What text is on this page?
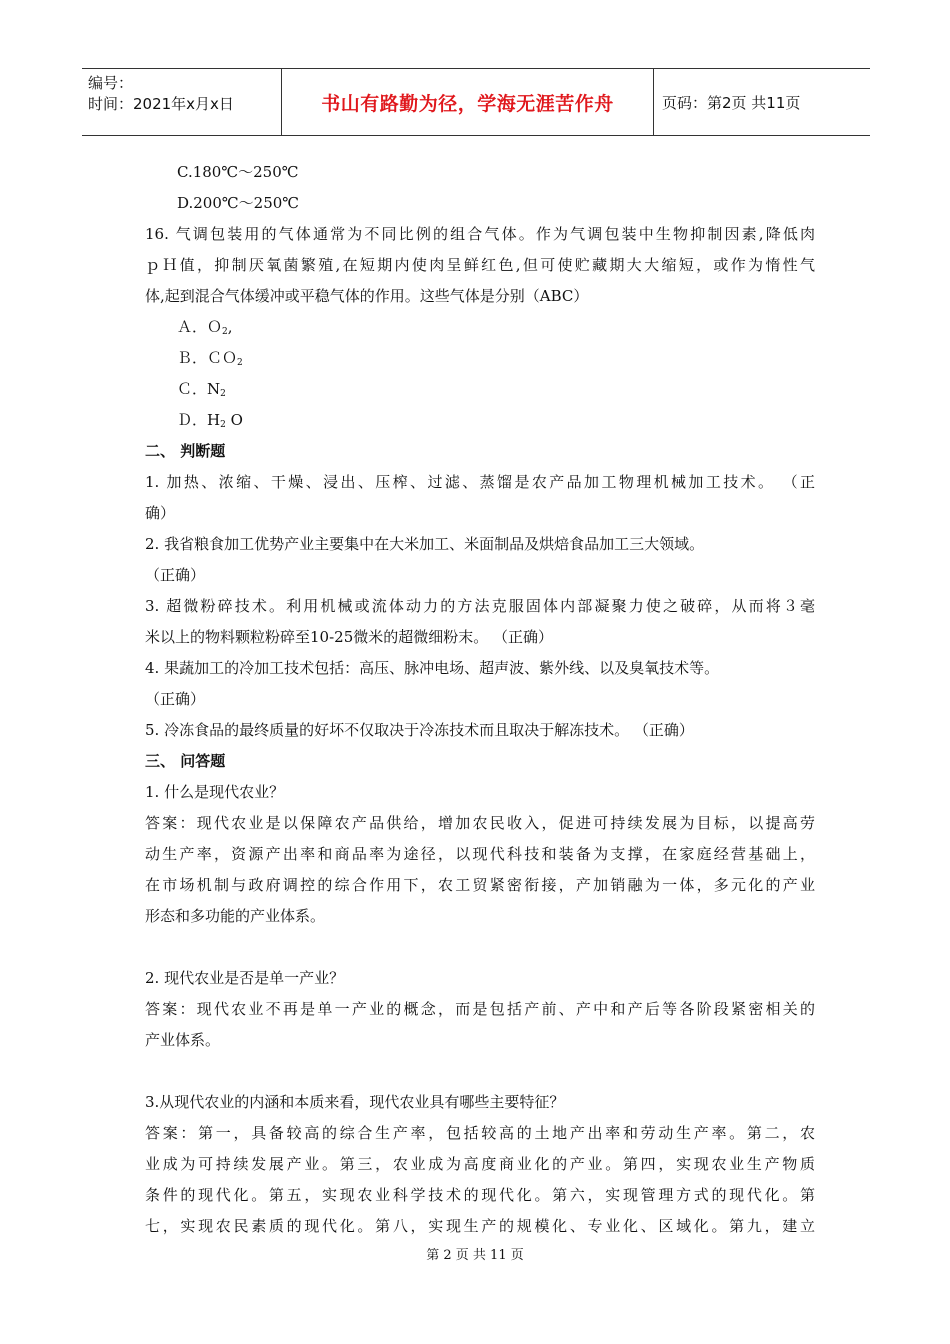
编号：
时间：2021年x月x日	书山有路勤为径，学海无涯苦作舟	页码：第2页 共11页
C.180℃～250℃
D.200℃～250℃
16. 气调包装用的气体通常为不同比例的组合气体。作为气调包装中生物抑制因素,降低肉
ｐＨ值，抑制厌氧菌繁殖,在短期内使肉呈鲜红色,但可使贮藏期大大缩短，或作为惰性气
体,起到混合气体缓冲或平稳气体的作用。这些气体是分别（ABC）
Ａ．Ｏ$_2$,
Ｂ．ＣＯ$_2$
Ｃ．$N_2$
Ｄ．$H_2$ O
二、 判断题
1. 加热、浓缩、干燥、浸出、压榨、过滤、蒸馏是农产品加工物理机械加工技术。 （正
确）
2. 我省粮食加工优势产业主要集中在大米加工、米面制品及烘焙食品加工三大领域。
（正确）
3. 超微粉碎技术。利用机械或流体动力的方法克服固体内部凝聚力使之破碎，从而将３毫
米以上的物料颗粒粉碎至10-25微米的超微细粉末。 （正确）
4. 果蔬加工的冷加工技术包括：高压、脉冲电场、超声波、紫外线、以及臭氧技术等。
（正确）
5. 冷冻食品的最终质量的好坏不仅取决于冷冻技术而且取决于解冻技术。 （正确）
三、 问答题
1. 什么是现代农业？
答案：现代农业是以保障农产品供给，增加农民收入，促进可持续发展为目标，以提高劳
动生产率，资源产出率和商品率为途径，以现代科技和装备为支撑，在家庭经营基础上，
在市场机制与政府调控的综合作用下，农工贸紧密衔接，产加销融为一体，多元化的产业
形态和多功能的产业体系。
2. 现代农业是否是单一产业？
答案：现代农业不再是单一产业的概念，而是包括产前、产中和产后等各阶段紧密相关的
产业体系。
3.从现代农业的内涵和本质来看，现代农业具有哪些主要特征？
答案：第一，具备较高的综合生产率，包括较高的土地产出率和劳动生产率。第二，农
业成为可持续发展产业。第三，农业成为高度商业化的产业。第四，实现农业生产物质
条件的现代化。第五，实现农业科学技术的现代化。第六，实现管理方式的现代化。第
七，实现农民素质的现代化。第八，实现生产的规模化、专业化、区域化。第九，建立
第 2 页 共 11 页
